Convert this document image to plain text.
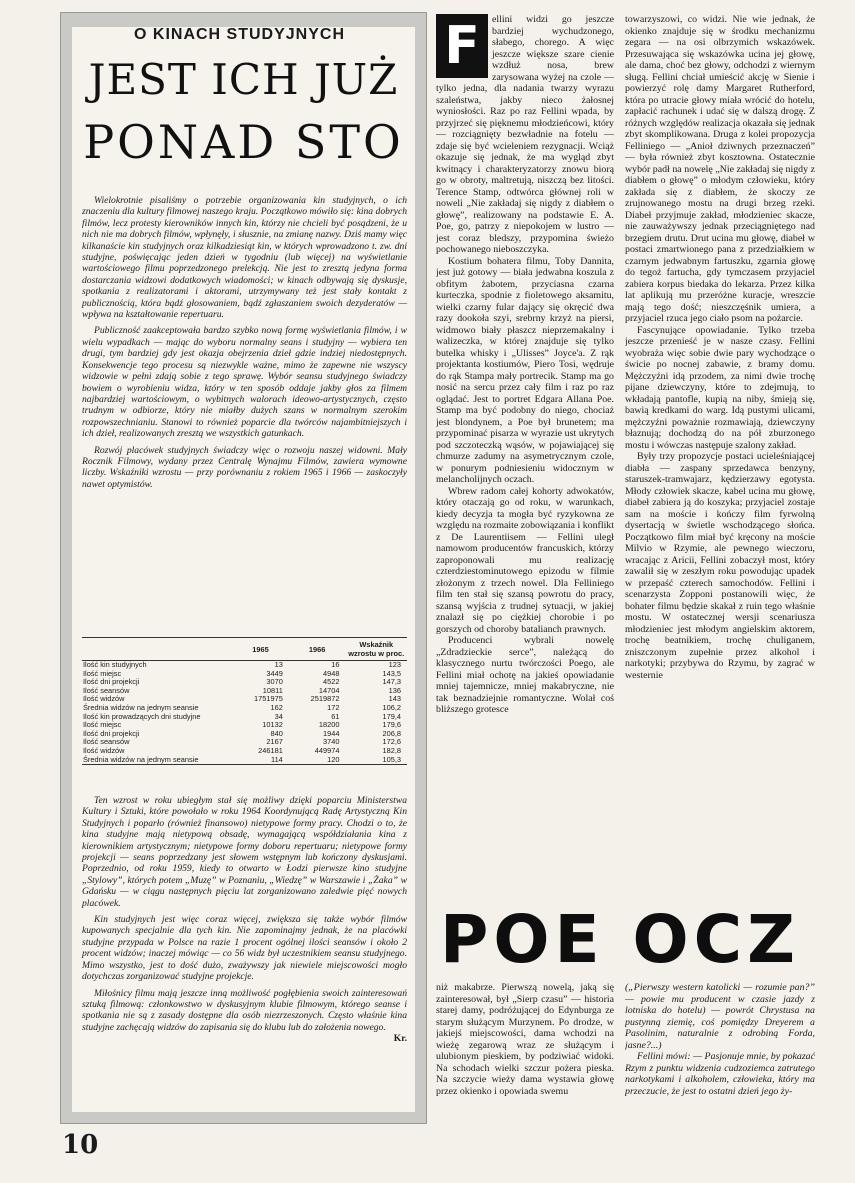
O KINACH STUDYJNYCH
JEST ICH JUŻ
PONAD STO

Wielokrotnie pisaliśmy o potrzebie organizowania kin studyjnych, o ich znaczeniu dla kultury filmowej naszego kraju. Początkowo mówiło się: kina dobrych filmów, lecz protesty kierowników innych kin, którzy nie chcieli być posądzeni, że u nich nie ma dobrych filmów, wpłynęły, i słusznie, na zmianę nazwy. Dziś mamy więc kilkanaście kin studyjnych oraz kilkadziesiąt kin, w których wprowadzono t. zw. dni studyjne, poświęcając jeden dzień w tygodniu (lub więcej) na wyświetlanie wartościowego filmu poprzedzonego prelekcją. Nie jest to zresztą jedyna forma dostarczania widzowi dodatkowych wiadomości; w kinach odbywają się dyskusje, spotkania z realizatorami i aktorami, utrzymywany też jest stały kontakt z publicznością, która bądź głosowaniem, bądź zgłaszaniem swoich dezyderatów — wpływa na kształtowanie repertuaru.

Publiczność zaakceptowała bardzo szybko nową formę wyświetlania filmów, i w wielu wypadkach — mając do wyboru normalny seans i studyjny — wybiera ten drugi, tym bardziej gdy jest okazja obejrzenia dzieł gdzie indziej niedostępnych. Konsekwencje tego procesu są niezwykle ważne, mimo że zapewne nie wszyscy widzowie w pełni zdają sobie z tego sprawę. Wybór seansu studyjnego świadczy bowiem o wyrobieniu widza, który w ten sposób oddaje jakby głos za filmem najbardziej wartościowym, o wybitnych walorach ideowo-artystycznych, często trudnym w odbiorze, który nie miałby dużych szans w normalnym szerokim rozpowszechnianiu. Stanowi to również poparcie dla twórców najambitniejszych i ich dzieł, realizowanych zresztą we wszystkich gatunkach.

Rozwój placówek studyjnych świadczy więc o rozwoju naszej widowni. Mały Rocznik Filmowy, wydany przez Centralę Wynajmu Filmów, zawiera wymowne liczby. Wskaźniki wzrostu — przy porównaniu z rokiem 1965 i 1966 — zaskoczyły nawet optymistów.

	1965	1966	Wskaźnik wzrostu w proc.
Ilość kin studyjnych	13	16	123
Ilość miejsc	3449	4948	143,5
Ilość dni projekcji	3070	4522	147,3
Ilość seansów	10811	14704	136
Ilość widzów	1751975	2519872	143
Średnia widzów na jednym seansie	162	172	106,2
Ilość kin prowadzących dni studyjne	34	61	179,4
Ilość miejsc	10132	18200	179,6
Ilość dni projekcji	840	1944	206,8
Ilość seansów	2167	3740	172,6
Ilość widzów	246181	449974	182,8
Średnia widzów na jednym seansie	114	120	105,3

Ten wzrost w roku ubiegłym stał się możliwy dzięki poparciu Ministerstwa Kultury i Sztuki, które powołało w roku 1964 Koordynującą Radę Artystyczną Kin Studyjnych i poparło (również finansowo) nietypowe formy pracy. Chodzi o to, że kina studyjne mają nietypową obsadę, wymagającą współdziałania kina z kierownikiem artystycznym; nietypowe formy doboru repertuaru; nietypowe formy projekcji — seans poprzedzany jest słowem wstępnym lub kończony dyskusjami. Poprzednio, od roku 1959, kiedy to otwarto w Łodzi pierwsze kino studyjne „Stylowy”, których potem „Muzę” w Poznaniu, „Wiedzę” w Warszawie i „Żaka” w Gdańsku — w ciągu następnych pięciu lat zorganizowano zaledwie pięć nowych placówek.

Kin studyjnych jest więc coraz więcej, zwiększa się także wybór filmów kupowanych specjalnie dla tych kin. Nie zapominajmy jednak, że na placówki studyjne przypada w Polsce na razie 1 procent ogólnej ilości seansów i około 2 procent widzów; inaczej mówiąc — co 56 widz był uczestnikiem seansu studyjnego. Mimo wszystko, jest to dość dużo, zważywszy jak niewiele miejscowości mogło dotychczas zorganizować studyjne projekcje.

Miłośnicy filmu mają jeszcze inną możliwość pogłębienia swoich zainteresowań sztuką filmową: członkowstwo w dyskusyjnym klubie filmowym, którego seanse i spotkania nie są z zasady dostępne dla osób niezrzeszonych. Często właśnie kina studyjne zachęcają widzów do zapisania się do klubu lub do założenia nowego.
Kr.

10

F	ellini widzi go jeszcze bardziej wychudzonego, słabego, chorego. A więc jeszcze większe szare cienie wzdłuż nosa, brew zarysowana wyżej na czole — tylko jedna, dla nadania twarzy wyrazu szaleństwa, jakby nieco żałosnej wyniosłości. Raz po raz Fellini wpada, by przyjrzeć się pięknemu młodzieńcowi, który — rozciągnięty bezwładnie na fotelu — zdaje się być wcieleniem rezygnacji. Wciąż okazuje się jednak, że ma wygląd zbyt kwitnący i charakteryzatorzy znowu biorą go w obroty, maltretują, niszczą bez litości. Terence Stamp, odtwórca głównej roli w noweli „Nie zakładaj się nigdy z diabłem o głowę”, realizowany na podstawie E. A. Poe, go, patrzy z niepokojem w lustro — jest coraz bledszy, przypomina świeżo pochowanego nieboszczyka.

Kostium bohatera filmu, Toby Dannita, jest już gotowy — biała jedwabna koszula z obfitym żabotem, przyciasna czarna kurteczka, spodnie z fioletowego aksamitu, wielki czarny fular dający się okręcić dwa razy dookoła szyi, srebrny krzyż na piersi, widmowo biały płaszcz nieprzemakalny i walizeczka, w której znajduje się tylko butelka whisky i „Ulisses” Joyce'a. Z rąk projektanta kostiumów, Piero Tosi, wędruje do rąk Stampa mały portrecik. Stamp ma go nosić na sercu przez cały film i raz po raz oglądać. Jest to portret Edgara Allana Poe. Stamp ma być podobny do niego, chociaż jest blondynem, a Poe był brunetem; ma przypominać pisarza w wyrazie ust ukrytych pod szczoteczką wąsów, w pojawiającej się chmurze zadumy na asymetrycznym czole, w ponurym podniesieniu widocznym w melancholijnych oczach.

Wbrew radom całej kohorty adwokatów, który otaczają go od roku, w warunkach, kiedy decyzja ta mogła być ryzykowna ze względu na rozmaite zobowiązania i konflikt z De Laurentiisem — Fellini uległ namowom producentów francuskich, którzy zaproponowali mu realizację czterdziestominutowego epizodu w filmie złożonym z trzech nowel. Dla Felliniego film ten stał się szansą powrotu do pracy, szansą wyjścia z trudnej sytuacji, w jakiej znalazł się po ciężkiej chorobie i po gorszych od choroby batalianch prawnych.

Producenci wybrali nowelę „Zdradzieckie serce”, należącą do klasycznego nurtu twórczości Poego, ale Fellini miał ochotę na jakieś opowiadanie mniej tajemnicze, mniej makabryczne, nie tak beznadziejnie romantyczne. Wolał coś bliższego grotesce

towarzyszowi, co widzi. Nie wie jednak, że okienko znajduje się w środku mechanizmu zegara — na osi olbrzymich wskazówek. Przesuwająca się wskazówka ucina jej głowę, ale dama, choć bez głowy, odchodzi z wiernym sługą. Fellini chciał umieścić akcję w Sienie i powierzyć rolę damy Margaret Rutherford, która po utracie głowy miała wrócić do hotelu, zapłacić rachunek i udać się w dalszą drogę. Z różnych względów realizacja okazała się jednak zbyt skomplikowana. Druga z kolei propozycja Felliniego — „Anioł dziwnych przeznaczeń” — była również zbyt kosztowna. Ostatecznie wybór padł na nowelę „Nie zakładaj się nigdy z diabłem o głowę” o młodym człowieku, który zakłada się z diabłem, że skoczy ze zrujnowanego mostu na drugi brzeg rzeki. Diabeł przyjmuje zakład, młodzieniec skacze, nie zauważywszy jednak przeciągniętego nad brzegiem drutu. Drut ucina mu głowę, diabeł w postaci zmartwionego pana z przedziałkiem w czarnym jedwabnym fartuszku, zgarnia głowę do tegoż fartucha, gdy tymczasem przyjaciel zabiera korpus biedaka do lekarza. Przez kilka lat aplikują mu przeróżne kuracje, wreszcie mają tego dość; nieszczęśnik umiera, a przyjaciel rzuca jego ciało psom na pożarcie.

Fascynujące opowiadanie. Tylko trzeba jeszcze przenieść je w nasze czasy. Fellini wyobraża więc sobie dwie pary wychodzące o świcie po nocnej zabawie, z bramy domu. Mężczyźni idą przodem, za nimi dwie trochę pijane dziewczyny, które to zdejmują, to wkładają pantofle, kupią na niby, śmieją się, bawią kredkami do warg. Idą pustymi ulicami, mężczyźni poważnie rozmawiają, dziewczyny błaznują; dochodzą do na pół zburzonego mostu i wówczas następuje szalony zakład.

Były trzy propozycje postaci ucieleśniającej diabła — zaspany sprzedawca benzyny, staruszek-tramwajarz, kędzierzawy egotysta. Młody człowiek skacze, kabel ucina mu głowę, diabeł zabiera ją do koszyka; przyjaciel zostaje sam na moście i kończy film fyrwolną dysertacją w świetle wschodzącego słońca. Początkowo film miał być kręcony na moście Milvio w Rzymie, ale pewnego wieczoru, wracając z Aricii, Fellini zobaczył most, który zawalił się w zeszłym roku powodując upadek w przepaść czterech samochodów. Fellini i scenarzysta Zopponi postanowili więc, że bohater filmu będzie skakał z ruin tego właśnie mostu. W ostatecznej wersji scenariusza młodzieniec jest młodym angielskim aktorem, trochę beatnikiem, trochę chuliganem, zniszczonym zupełnie przez alkohol i narkotyki; przybywa do Rzymu, by zagrać w westernie

POE OCZ

niż makabrze. Pierwszą nowelą, jaką się zainteresował, był „Sierp czasu” — historia starej damy, podróżującej do Edynburga ze starym służącym Murzynem. Po drodze, w jakiejś miejscowości, dama wchodzi na wieżę zegarową wraz ze służącym i ulubionym pieskiem, by podziwiać widoki. Na schodach wielki szczur pożera pieska. Na szczycie wieży dama wystawia głowę przez okienko i opowiada swemu

(„Pierwszy western katolicki — rozumie pan?” — powie mu producent w czasie jazdy z lotniska do hotelu) — powrót Chrystusa na pustynną ziemię, coś pomiędzy Dreyerem a Pasolinim, naturalnie z odrobiną Forda, jasne?...)

Fellini mówi: — Pasjonuje mnie, by pokazać Rzym z punktu widzenia cudzoziemca zatrutego narkotykami i alkoholem, człowieka, który ma przeczucie, że jest to ostatni dzień jego ży-
